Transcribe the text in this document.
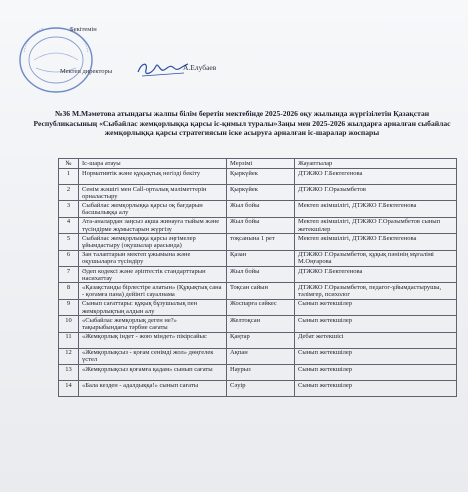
Бекітемін
Мектеп директоры	А.Елубаев
№36 М.Мәметова атындағы жалпы білім беретін мектебінде 2025-2026 оқу жылында жүргізілетін Қазақстан Республикасының «Сыбайлас жемқорлыққа қарсы іс-қимыл туралы»Заңы мен 2025-2026 жылдарға арналған сыбайлас жемқорлыққа қарсы стратегиясын іске асыруға арналған іс-шаралар жоспары
№	Іс-шара атауы	Мерзімі	Жауаптылар
1	Нормативтік және құқықтық негізді бекіту	Қыркүйек	ДТЖЖО Г.Бектегенова
2	Сенім жәшігі мен Call-орталық мәліметтерін орналастыру	Қыркүйек	ДТЖЖО Г.Оразымбетов
3	Сыбайлас жемқорлыққа қарсы оқ бағдарын басшылыққа алу	Жыл бойы	Мектеп әкімшілігі, ДТЖЖО Г.Бектегенова
4	Ата-аналардан заңсыз ақша жинауға тыйым және түсіндірме жұмыстарын жүргізу	Жыл бойы	Мектеп әкімшілігі, ДТЖЖО Г.Оразымбетов сынып жетекшілер
5	Сыбайлас жемқорлыққа қарсы әңгімелер ұйымдастыру (оқушылар арасында)	тоқсанына 1 рет	Мектеп әкімшілігі, ДТЖЖО Г.Бектегенова
6	Зан талаптарын мектеп ұжымына және оқушыларға түсіндіру	Қазан	ДТЖЖО Г.Оразымбетов, құқық пәнінің мұғалімі М.Оңғарова
7	Әдеп кодексі және әріптестік стандарттарын насихаттау	Жыл бойы	ДТЖЖО Г.Бектегенова
8	«Қазақстанды бірлестіре алатын» (Құқықтық сана - қоғамға пана) дейінгі сауалнама	Тоқсан сайын	ДТЖЖО Г.Оразымбетов, педагог-ұйымдастырушы, тәлімгер, психолог
9	Сынып сағаттары: құқық бұзушылық пен жемқорлықтың алдын алу	Жоспарға сәйкес	Сынып жетекшілер
10	«Сыбайлас жемқорлық деген не?» тақырыбындағы тәрбие сағаты	Желтоқсан	Сынып жетекшілер
11	«Жемқорлық індет - жою міндет» пікірсайыс	Қаңтар	Дебат жетекшісі
12	«Жемқорлықсыз - қоғам сенімді жол» дөңгелек үстел	Ақпан	Сынып жетекшілер
13	«Жемқорлықсыз қоғамға қадам» сынып сағаты	Наурыз	Сынып жетекшілер
14	«Бала кезден - адалдыққа!» сынып сағаты	Сәуір	Сынып жетекшілер
